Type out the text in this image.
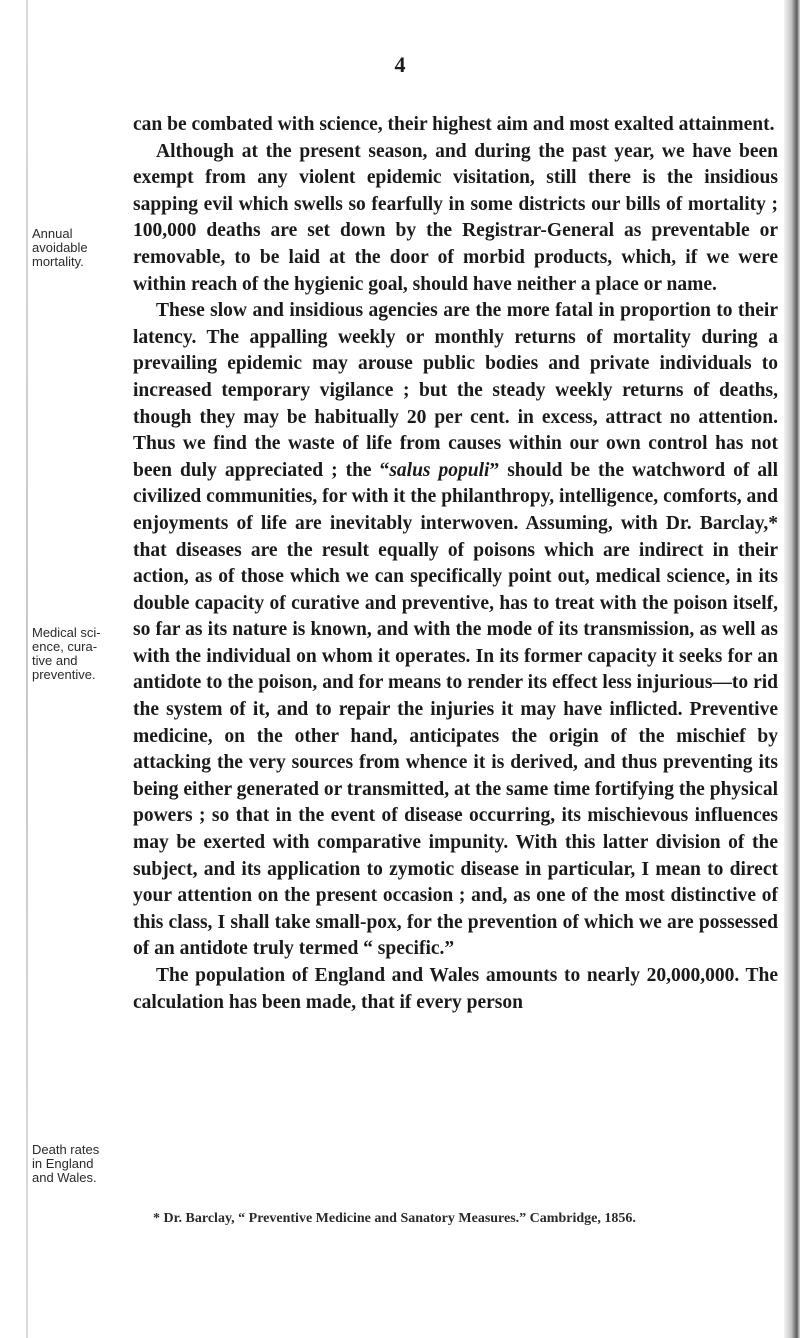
4
Annual
avoidable
mortality.
Medical sci-
ence, cura-
tive and
preventive.
Death rates
in England
and Wales.

can be combated with science, their highest aim and most exalted attainment.

Although at the present season, and during the past year, we have been exempt from any violent epidemic visitation, still there is the insidious sapping evil which swells so fearfully in some districts our bills of mortality ; 100,000 deaths are set down by the Registrar-General as preventable or removable, to be laid at the door of morbid products, which, if we were within reach of the hygienic goal, should have neither a place or name.

These slow and insidious agencies are the more fatal in proportion to their latency. The appalling weekly or monthly returns of mortality during a prevailing epidemic may arouse public bodies and private individuals to increased temporary vigilance ; but the steady weekly returns of deaths, though they may be habitually 20 per cent. in excess, attract no attention. Thus we find the waste of life from causes within our own control has not been duly appreciated ; the “salus populi” should be the watchword of all civilized communities, for with it the philanthropy, intelligence, comforts, and enjoyments of life are inevitably interwoven. Assuming, with Dr. Barclay,* that diseases are the result equally of poisons which are indirect in their action, as of those which we can specifically point out, medical science, in its double capacity of curative and preventive, has to treat with the poison itself, so far as its nature is known, and with the mode of its transmission, as well as with the individual on whom it operates. In its former capacity it seeks for an antidote to the poison, and for means to render its effect less injurious—to rid the system of it, and to repair the injuries it may have inflicted. Preventive medicine, on the other hand, anticipates the origin of the mischief by attacking the very sources from whence it is derived, and thus preventing its being either generated or transmitted, at the same time fortifying the physical powers ; so that in the event of disease occurring, its mischievous influences may be exerted with comparative impunity. With this latter division of the subject, and its application to zymotic disease in particular, I mean to direct your attention on the present occasion ; and, as one of the most distinctive of this class, I shall take small-pox, for the prevention of which we are possessed of an antidote truly termed “ specific.”

The population of England and Wales amounts to nearly 20,000,000. The calculation has been made, that if every person

* Dr. Barclay, “ Preventive Medicine and Sanatory Measures.” Cambridge, 1856.
